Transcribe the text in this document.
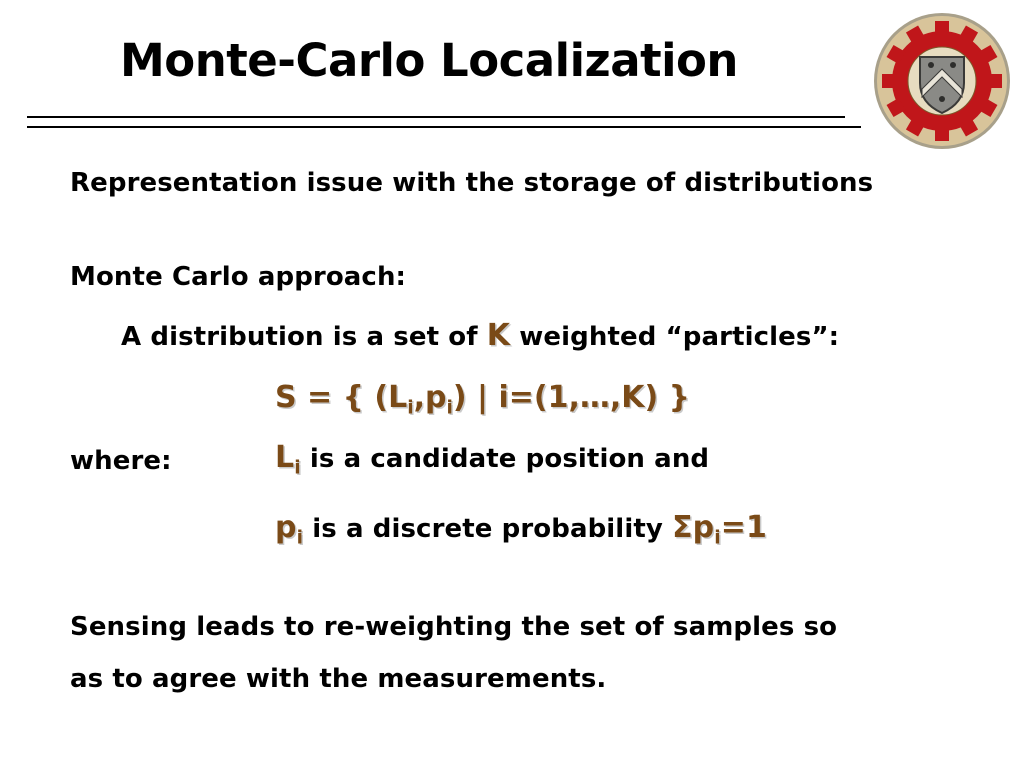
Monte-Carlo Localization
Representation issue with the storage of distributions
Monte Carlo approach:
A distribution is a set of K weighted “particles”:
S = { $(L_i,p_i)$ | i=(1,…,K) }
where:	$L_i$ is a candidate position and
$p_i$ is a discrete probability $\Sigma p_i=1$
Sensing leads to re-weighting the set of samples so
as to agree with the measurements.
